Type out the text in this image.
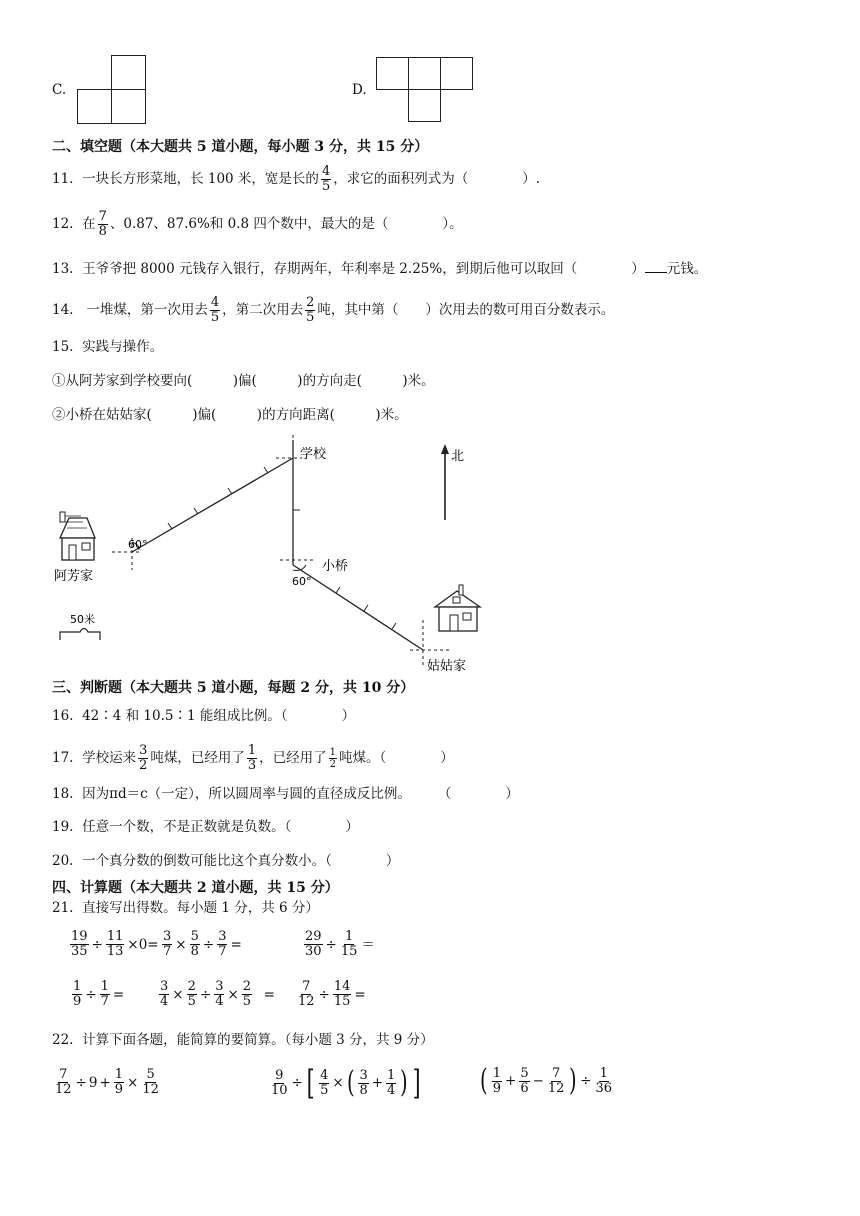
C.	D.
二、填空题（本大题共 5 道小题，每小题 3 分，共 15 分）
11. 一块长方形菜地，长 100 米，宽是长的 $\frac{4}{5}$ ，求它的面积列式为（　　　　）.
12. 在 $\frac{7}{8}$ 、0.87、87.6%和 0.8 四个数中，最大的是（　　　　）。
13. 王爷爷把 8000 元钱存入银行，存期两年，年利率是 2.25%，到期后他可以取回（　　　　） 元钱。
14. 一堆煤，第一次用去 $\frac{4}{5}$ ，第二次用去 $\frac{2}{5}$ 吨，其中第（　　）次用去的数可用百分数表示。
15. 实践与操作。
①从阿芳家到学校要向(　　　)偏(　　　)的方向走(　　　)米。
②小桥在姑姑家(　　　)偏(　　　)的方向距离(　　　)米。
学校
小桥
60°
60°
阿芳家
北
姑姑家
50米
三、判断题（本大题共 5 道小题，每题 2 分，共 10 分）
16. 42∶4 和 10.5∶1 能组成比例。（　　　　）
17. 学校运来 $\frac{3}{2}$ 吨煤，已经用了 $\frac{1}{3}$ ，已经用了 $\frac{1}{2}$ 吨煤。（　　　　）
18. 因为πd＝c（一定），所以圆周率与圆的直径成反比例。　　　（　　　　）
19. 任意一个数，不是正数就是负数。（　　　　）
20. 一个真分数的倒数可能比这个真分数小。（　　　　）
四、计算题（本大题共 2 道小题，共 15 分）
21. 直接写出得数。每小题 1 分，共 6 分）
$\frac{19}{35} \div \frac{11}{13} \times 0= \frac{3}{7} \times \frac{5}{8} \div \frac{3}{7}$ =	$\frac{29}{30} \div \frac{1}{15}$ ＝
$\frac{1}{9} \div \frac{1}{7}$ =	$\frac{3}{4} \times \frac{2}{5} \div \frac{3}{4} \times \frac{2}{5} = \frac{7}{12} \div \frac{14}{15}$ =
22. 计算下面各题，能简算的要简算。（每小题 3 分，共 9 分）
$\frac{7}{12} \div 9 + \frac{1}{9} \times \frac{5}{12}$	$\frac{9}{10}$ ÷ [ $\frac{4}{5}$ × ( $\frac{3}{8} + \frac{1}{4}$ ) ] ( $\frac{1}{9} + \frac{5}{6} - \frac{7}{12}$ ) ÷ $\frac{1}{36}$
